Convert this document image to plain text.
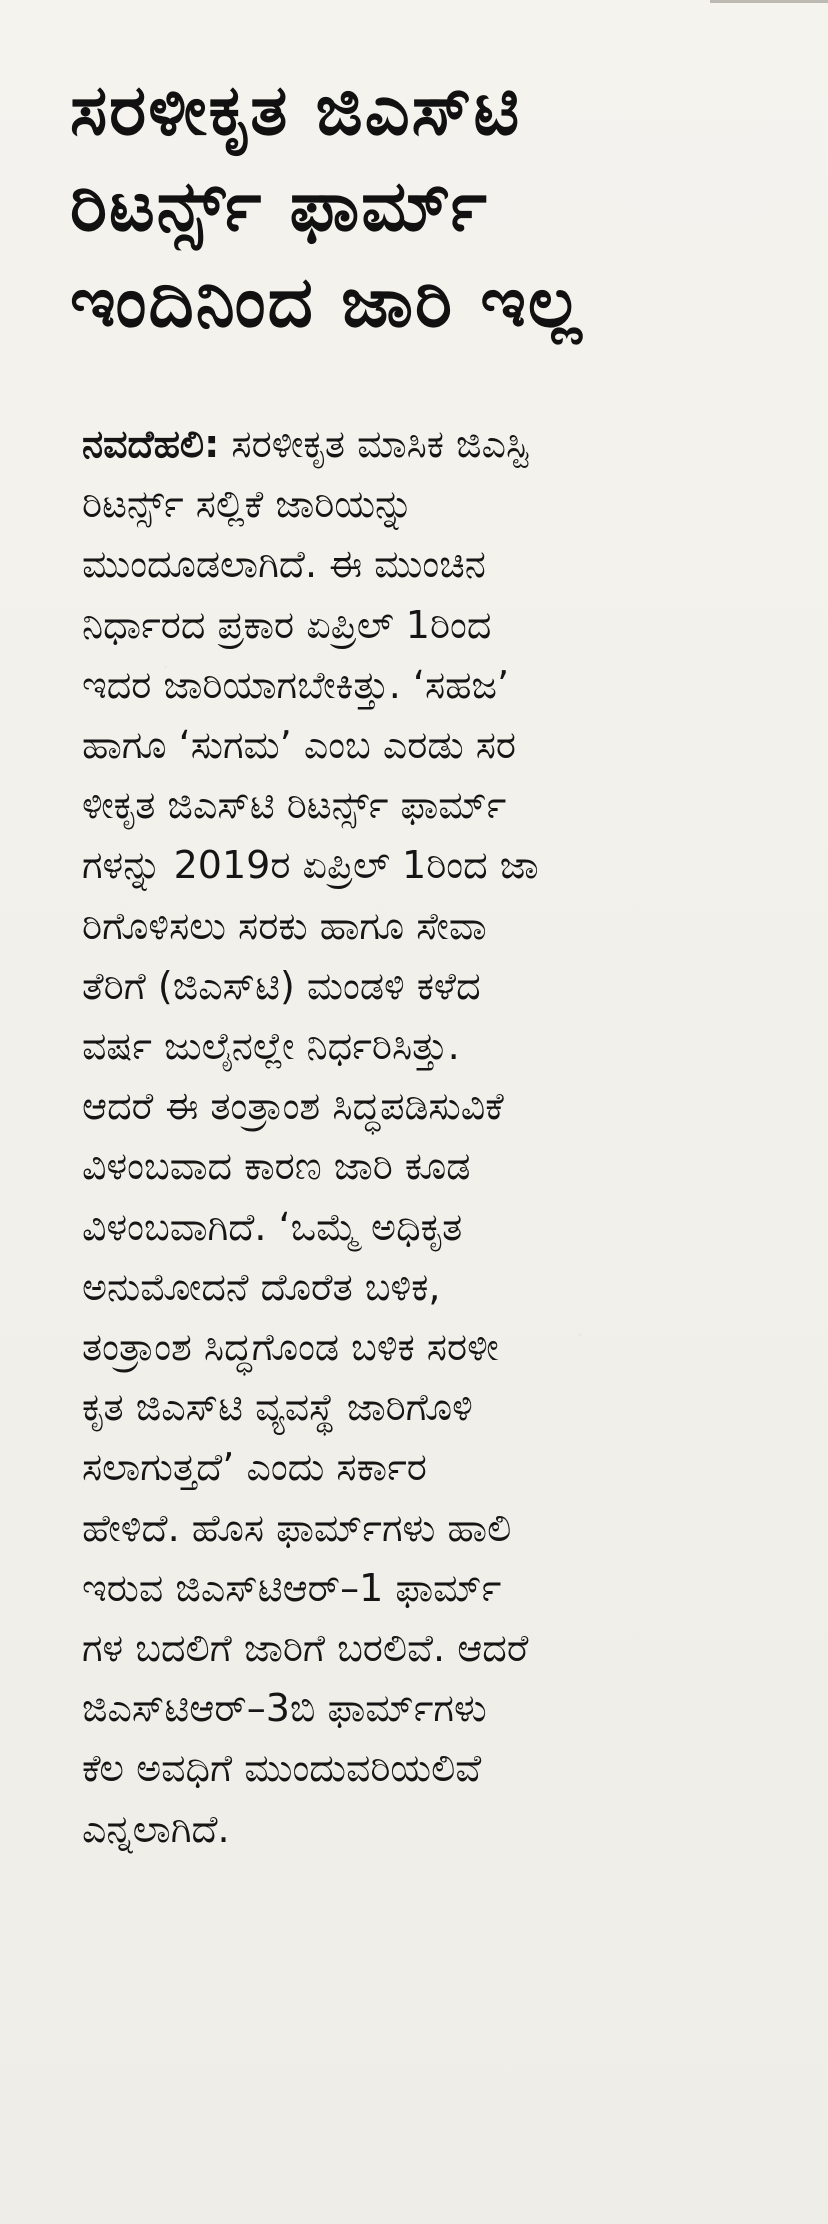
ಸರಳೀಕೃತ ಜಿಎಸ್‌ಟಿ
ರಿಟರ್ನ್ಸ್‌ ಫಾರ್ಮ್
ಇಂದಿನಿಂದ ಜಾರಿ ಇಲ್ಲ
ನವದೆಹಲಿ: ಸರಳೀಕೃತ ಮಾಸಿಕ ಜಿಎಸ್ಟಿ
ರಿಟರ್ನ್ಸ್ ಸಲ್ಲಿಕೆ ಜಾರಿಯನ್ನು
ಮುಂದೂಡಲಾಗಿದೆ. ಈ ಮುಂಚಿನ
ನಿರ್ಧಾರದ ಪ್ರಕಾರ ಏಪ್ರಿಲ್ 1ರಿಂದ
ಇದರ ಜಾರಿಯಾಗಬೇಕಿತ್ತು. ‘ಸಹಜ’
ಹಾಗೂ ‘ಸುಗಮ’ ಎಂಬ ಎರಡು ಸರ
ಳೀಕೃತ ಜಿಎಸ್‌ಟಿ ರಿಟರ್ನ್ಸ್ ಫಾರ್ಮ್
ಗಳನ್ನು 2019ರ ಏಪ್ರಿಲ್ 1ರಿಂದ ಜಾ
ರಿಗೊಳಿಸಲು ಸರಕು ಹಾಗೂ ಸೇವಾ
ತೆರಿಗೆ (ಜಿಎಸ್‌ಟಿ) ಮಂಡಳಿ ಕಳೆದ
ವರ್ಷ ಜುಲೈನಲ್ಲೇ ನಿರ್ಧರಿಸಿತ್ತು.
ಆದರೆ ಈ ತಂತ್ರಾಂಶ ಸಿದ್ಧಪಡಿಸುವಿಕೆ
ವಿಳಂಬವಾದ ಕಾರಣ ಜಾರಿ ಕೂಡ
ವಿಳಂಬವಾಗಿದೆ. ‘ಒಮ್ಮೆ ಅಧಿಕೃತ
ಅನುಮೋದನೆ ದೊರೆತ ಬಳಿಕ,
ತಂತ್ರಾಂಶ ಸಿದ್ಧಗೊಂಡ ಬಳಿಕ ಸರಳೀ
ಕೃತ ಜಿಎಸ್‌ಟಿ ವ್ಯವಸ್ಥೆ ಜಾರಿಗೊಳಿ
ಸಲಾಗುತ್ತದೆ’ ಎಂದು ಸರ್ಕಾರ
ಹೇಳಿದೆ. ಹೊಸ ಫಾರ್ಮ್‌ಗಳು ಹಾಲಿ
ಇರುವ ಜಿಎಸ್‌ಟಿಆರ್–1 ಫಾರ್ಮ್
ಗಳ ಬದಲಿಗೆ ಜಾರಿಗೆ ಬರಲಿವೆ. ಆದರೆ
ಜಿಎಸ್‌ಟಿಆರ್–3ಬಿ ಫಾರ್ಮ್‌ಗಳು
ಕೆಲ ಅವಧಿಗೆ ಮುಂದುವರಿಯಲಿವೆ
ಎನ್ನಲಾಗಿದೆ.
